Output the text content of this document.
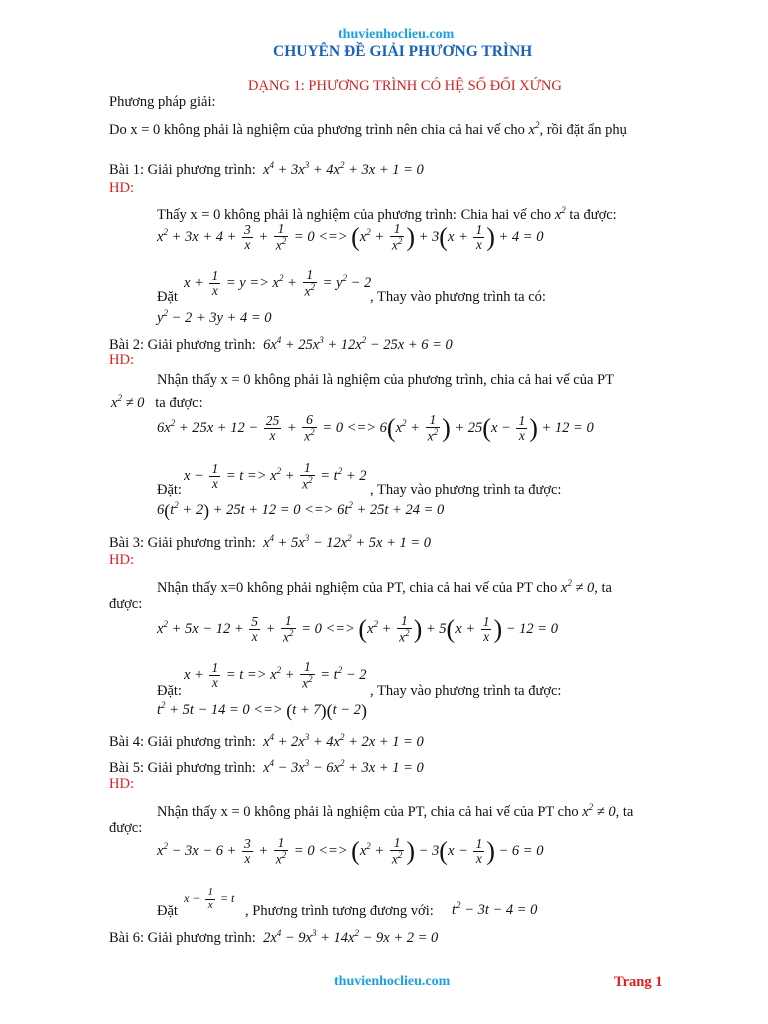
thuvienhoclieu.com
CHUYÊN ĐỀ GIẢI PHƯƠNG TRÌNH
DẠNG 1: PHƯƠNG TRÌNH CÓ HỆ SỐ ĐỐI XỨNG
Phương pháp giải:
Do x = 0 không phải là nghiệm của phương trình nên chia cả hai vế cho $x^2$, rồi đặt ẩn phụ
Bài 1: Giải phương trình:  $x^4 + 3x^3 + 4x^2 + 3x + 1 = 0$
HD:
Thấy x = 0 không phải là nghiệm của phương trình: Chia hai vế cho $x^2$ ta được:
$x^2 + 3x + 4 + \frac{3}{x} + \frac{1}{x^2} = 0$ <=> ($x^2 + \frac{1}{x^2}$ ) + $3(x + \frac{1}{x}$ ) + 4 = 0
$x + \frac{1}{x} = y => x^2 + \frac{1}{x^2} = y^2 - 2$
Đặt	, Thay vào phương trình ta có:
$y^2 - 2 + 3y + 4 = 0$
Bài 2: Giải phương trình:  $6x^4 + 25x^3 + 12x^2 - 25x + 6 = 0$
HD:
Nhận thấy x = 0 không phải là nghiệm của phương trình, chia cả hai vế của PT
$x^2 \ne 0$ ta được:
$6x^2 + 25x + 12 - \frac{25}{x} + \frac{6}{x^2} = 0$ <=> $6(x^2 + \frac{1}{x^2}$ ) + $25(x - \frac{1}{x}$ ) + 12 = 0
$x - \frac{1}{x} = t => x^2 + \frac{1}{x^2} = t^2 + 2$
Đặt:	, Thay vào phương trình ta được:
$6(t^2 + 2) + 25t + 12 = 0$ <=> $6t^2 + 25t + 24 = 0$
Bài 3: Giải phương trình:  $x^4 + 5x^3 - 12x^2 + 5x + 1 = 0$
HD:
Nhận thấy x=0 không phải nghiệm của PT, chia cả hai vế của PT cho $x^2 \ne 0$, ta
được:
$x^2 + 5x - 12 + \frac{5}{x} + \frac{1}{x^2} = 0$ <=> ($x^2 + \frac{1}{x^2}$ ) + $5(x + \frac{1}{x}$ ) − 12 = 0
$x + \frac{1}{x} = t => x^2 + \frac{1}{x^2} = t^2 - 2$
Đặt:	, Thay vào phương trình ta được:
$t^2 + 5t - 14 = 0$ <=> (t + 7)(t − 2)
Bài 4: Giải phương trình:  $x^4 + 2x^3 + 4x^2 + 2x + 1 = 0$
Bài 5: Giải phương trình:  $x^4 - 3x^3 - 6x^2 + 3x + 1 = 0$
HD:
Nhận thấy x = 0 không phải là nghiệm của PT, chia cả hai vế của PT cho $x^2 \ne 0$, ta
được:
$x^2 - 3x - 6 + \frac{3}{x} + \frac{1}{x^2} = 0$ <=> ($x^2 + \frac{1}{x^2}$ ) − $3(x - \frac{1}{x}$ ) − 6 = 0
$x - \frac{1}{x} = t$
Đặt	, Phương trình tương đương với: $t^2 - 3t - 4 = 0$
Bài 6: Giải phương trình:  $2x^4 - 9x^3 + 14x^2 - 9x + 2 = 0$
thuvienhoclieu.com	Trang 1
